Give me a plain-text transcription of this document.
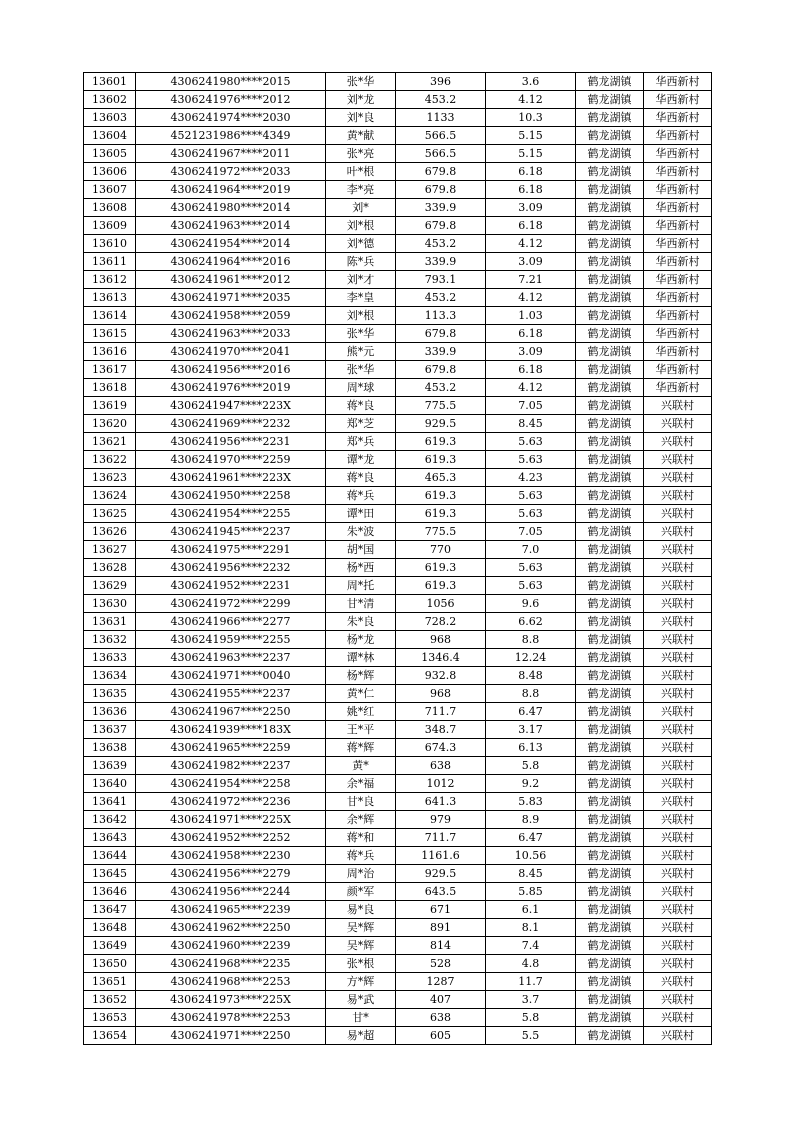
13601	4306241980****2015	张*华	396	3.6	鹤龙湖镇	华西新村
13602	4306241976****2012	刘*龙	453.2	4.12	鹤龙湖镇	华西新村
13603	4306241974****2030	刘*良	1133	10.3	鹤龙湖镇	华西新村
13604	4521231986****4349	黄*献	566.5	5.15	鹤龙湖镇	华西新村
13605	4306241967****2011	张*亮	566.5	5.15	鹤龙湖镇	华西新村
13606	4306241972****2033	叶*根	679.8	6.18	鹤龙湖镇	华西新村
13607	4306241964****2019	李*亮	679.8	6.18	鹤龙湖镇	华西新村
13608	4306241980****2014	刘*	339.9	3.09	鹤龙湖镇	华西新村
13609	4306241963****2014	刘*根	679.8	6.18	鹤龙湖镇	华西新村
13610	4306241954****2014	刘*德	453.2	4.12	鹤龙湖镇	华西新村
13611	4306241964****2016	陈*兵	339.9	3.09	鹤龙湖镇	华西新村
13612	4306241961****2012	刘*才	793.1	7.21	鹤龙湖镇	华西新村
13613	4306241971****2035	李*皇	453.2	4.12	鹤龙湖镇	华西新村
13614	4306241958****2059	刘*根	113.3	1.03	鹤龙湖镇	华西新村
13615	4306241963****2033	张*华	679.8	6.18	鹤龙湖镇	华西新村
13616	4306241970****2041	熊*元	339.9	3.09	鹤龙湖镇	华西新村
13617	4306241956****2016	张*华	679.8	6.18	鹤龙湖镇	华西新村
13618	4306241976****2019	周*球	453.2	4.12	鹤龙湖镇	华西新村
13619	4306241947****223X	蒋*良	775.5	7.05	鹤龙湖镇	兴联村
13620	4306241969****2232	郑*芝	929.5	8.45	鹤龙湖镇	兴联村
13621	4306241956****2231	郑*兵	619.3	5.63	鹤龙湖镇	兴联村
13622	4306241970****2259	谭*龙	619.3	5.63	鹤龙湖镇	兴联村
13623	4306241961****223X	蒋*良	465.3	4.23	鹤龙湖镇	兴联村
13624	4306241950****2258	蒋*兵	619.3	5.63	鹤龙湖镇	兴联村
13625	4306241954****2255	谭*田	619.3	5.63	鹤龙湖镇	兴联村
13626	4306241945****2237	朱*波	775.5	7.05	鹤龙湖镇	兴联村
13627	4306241975****2291	胡*国	770	7.0	鹤龙湖镇	兴联村
13628	4306241956****2232	杨*西	619.3	5.63	鹤龙湖镇	兴联村
13629	4306241952****2231	周*托	619.3	5.63	鹤龙湖镇	兴联村
13630	4306241972****2299	甘*清	1056	9.6	鹤龙湖镇	兴联村
13631	4306241966****2277	朱*良	728.2	6.62	鹤龙湖镇	兴联村
13632	4306241959****2255	杨*龙	968	8.8	鹤龙湖镇	兴联村
13633	4306241963****2237	谭*林	1346.4	12.24	鹤龙湖镇	兴联村
13634	4306241971****0040	杨*辉	932.8	8.48	鹤龙湖镇	兴联村
13635	4306241955****2237	黄*仁	968	8.8	鹤龙湖镇	兴联村
13636	4306241967****2250	姚*红	711.7	6.47	鹤龙湖镇	兴联村
13637	4306241939****183X	王*平	348.7	3.17	鹤龙湖镇	兴联村
13638	4306241965****2259	蒋*辉	674.3	6.13	鹤龙湖镇	兴联村
13639	4306241982****2237	黄*	638	5.8	鹤龙湖镇	兴联村
13640	4306241954****2258	余*福	1012	9.2	鹤龙湖镇	兴联村
13641	4306241972****2236	甘*良	641.3	5.83	鹤龙湖镇	兴联村
13642	4306241971****225X	余*辉	979	8.9	鹤龙湖镇	兴联村
13643	4306241952****2252	蒋*和	711.7	6.47	鹤龙湖镇	兴联村
13644	4306241958****2230	蒋*兵	1161.6	10.56	鹤龙湖镇	兴联村
13645	4306241956****2279	周*治	929.5	8.45	鹤龙湖镇	兴联村
13646	4306241956****2244	颜*军	643.5	5.85	鹤龙湖镇	兴联村
13647	4306241965****2239	易*良	671	6.1	鹤龙湖镇	兴联村
13648	4306241962****2250	吴*辉	891	8.1	鹤龙湖镇	兴联村
13649	4306241960****2239	吴*辉	814	7.4	鹤龙湖镇	兴联村
13650	4306241968****2235	张*根	528	4.8	鹤龙湖镇	兴联村
13651	4306241968****2253	方*辉	1287	11.7	鹤龙湖镇	兴联村
13652	4306241973****225X	易*武	407	3.7	鹤龙湖镇	兴联村
13653	4306241978****2253	甘*	638	5.8	鹤龙湖镇	兴联村
13654	4306241971****2250	易*超	605	5.5	鹤龙湖镇	兴联村
